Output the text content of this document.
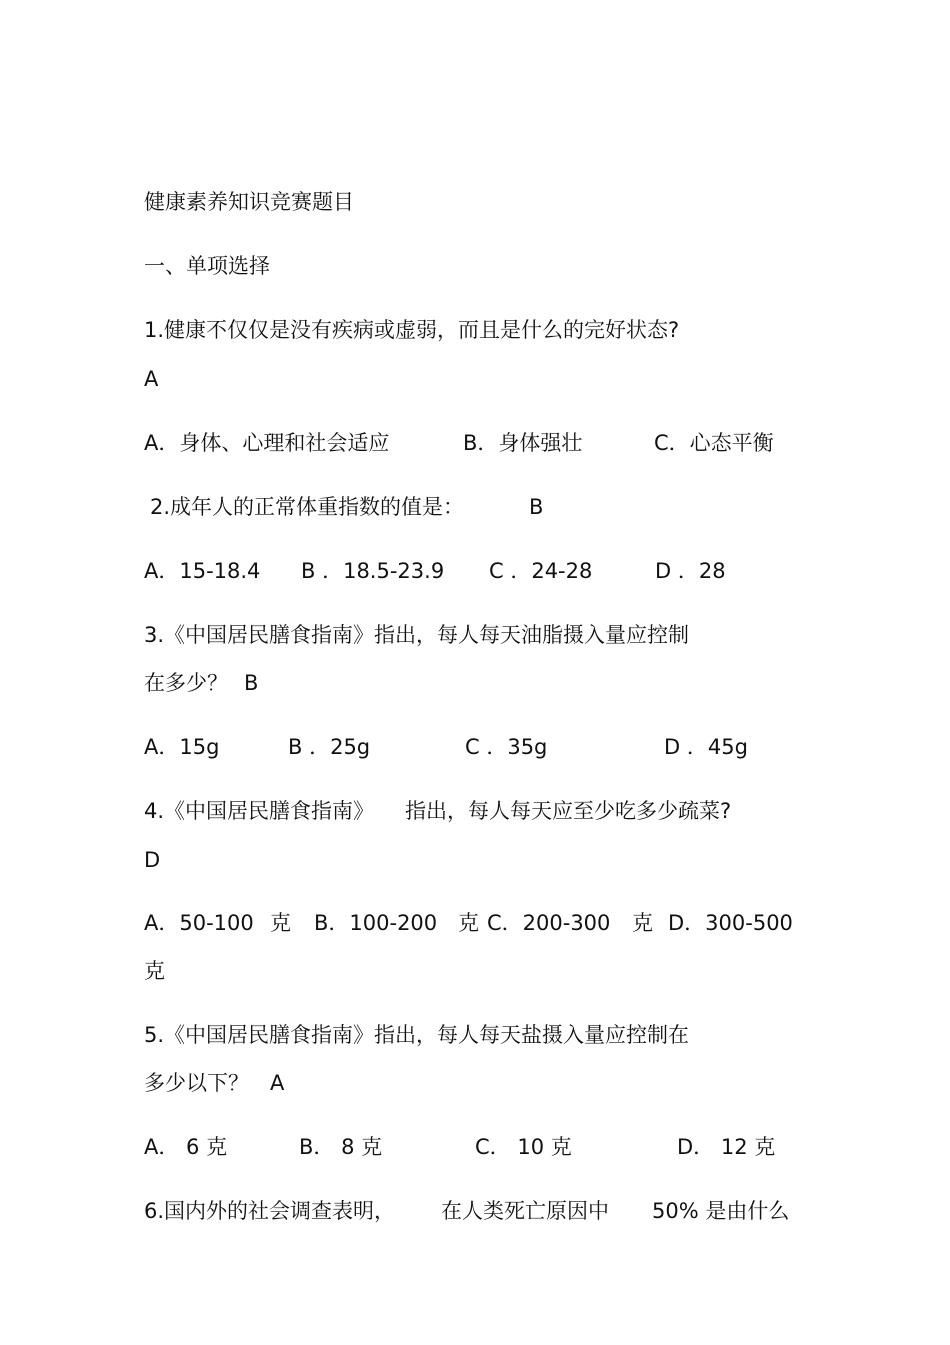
健康素养知识竞赛题目
一、单项选择
1.健康不仅仅是没有疾病或虚弱，而且是什么的完好状态?
A
A．身体、心理和社会适应	B．身体强壮	C．心态平衡
2.成年人的正常体重指数的值是：	B
A．15-18.4 B ．18.5-23.9 C ．24-28	D ．28
3.《中国居民膳食指南》指出，每人每天油脂摄入量应控制
在多少？ B
A．15g	B ．25g	C ．35g	D ．45g
4.《中国居民膳食指南》 指出，每人每天应至少吃多少疏菜?
D
A．50-100 克 B．100-200 克 C．200-300 克 D．300-500
克
5.《中国居民膳食指南》指出，每人每天盐摄入量应控制在
多少以下？ A
A． 6 克	B． 8 克	C． 10 克	D． 12 克
6.国内外的社会调查表明， 在人类死亡原因中 50% 是由什么
